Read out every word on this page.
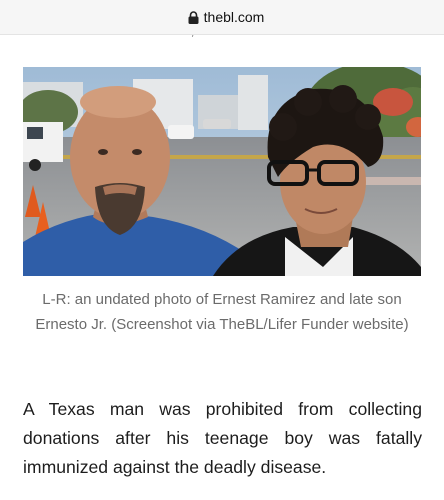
thebl.com
L-R: an undated photo of Ernest Ramirez and late son Ernesto Jr. (Screenshot via TheBL/Lifer Funder website)
A Texas man was prohibited from collecting donations after his teenage boy was fatally immunized against the deadly disease.
